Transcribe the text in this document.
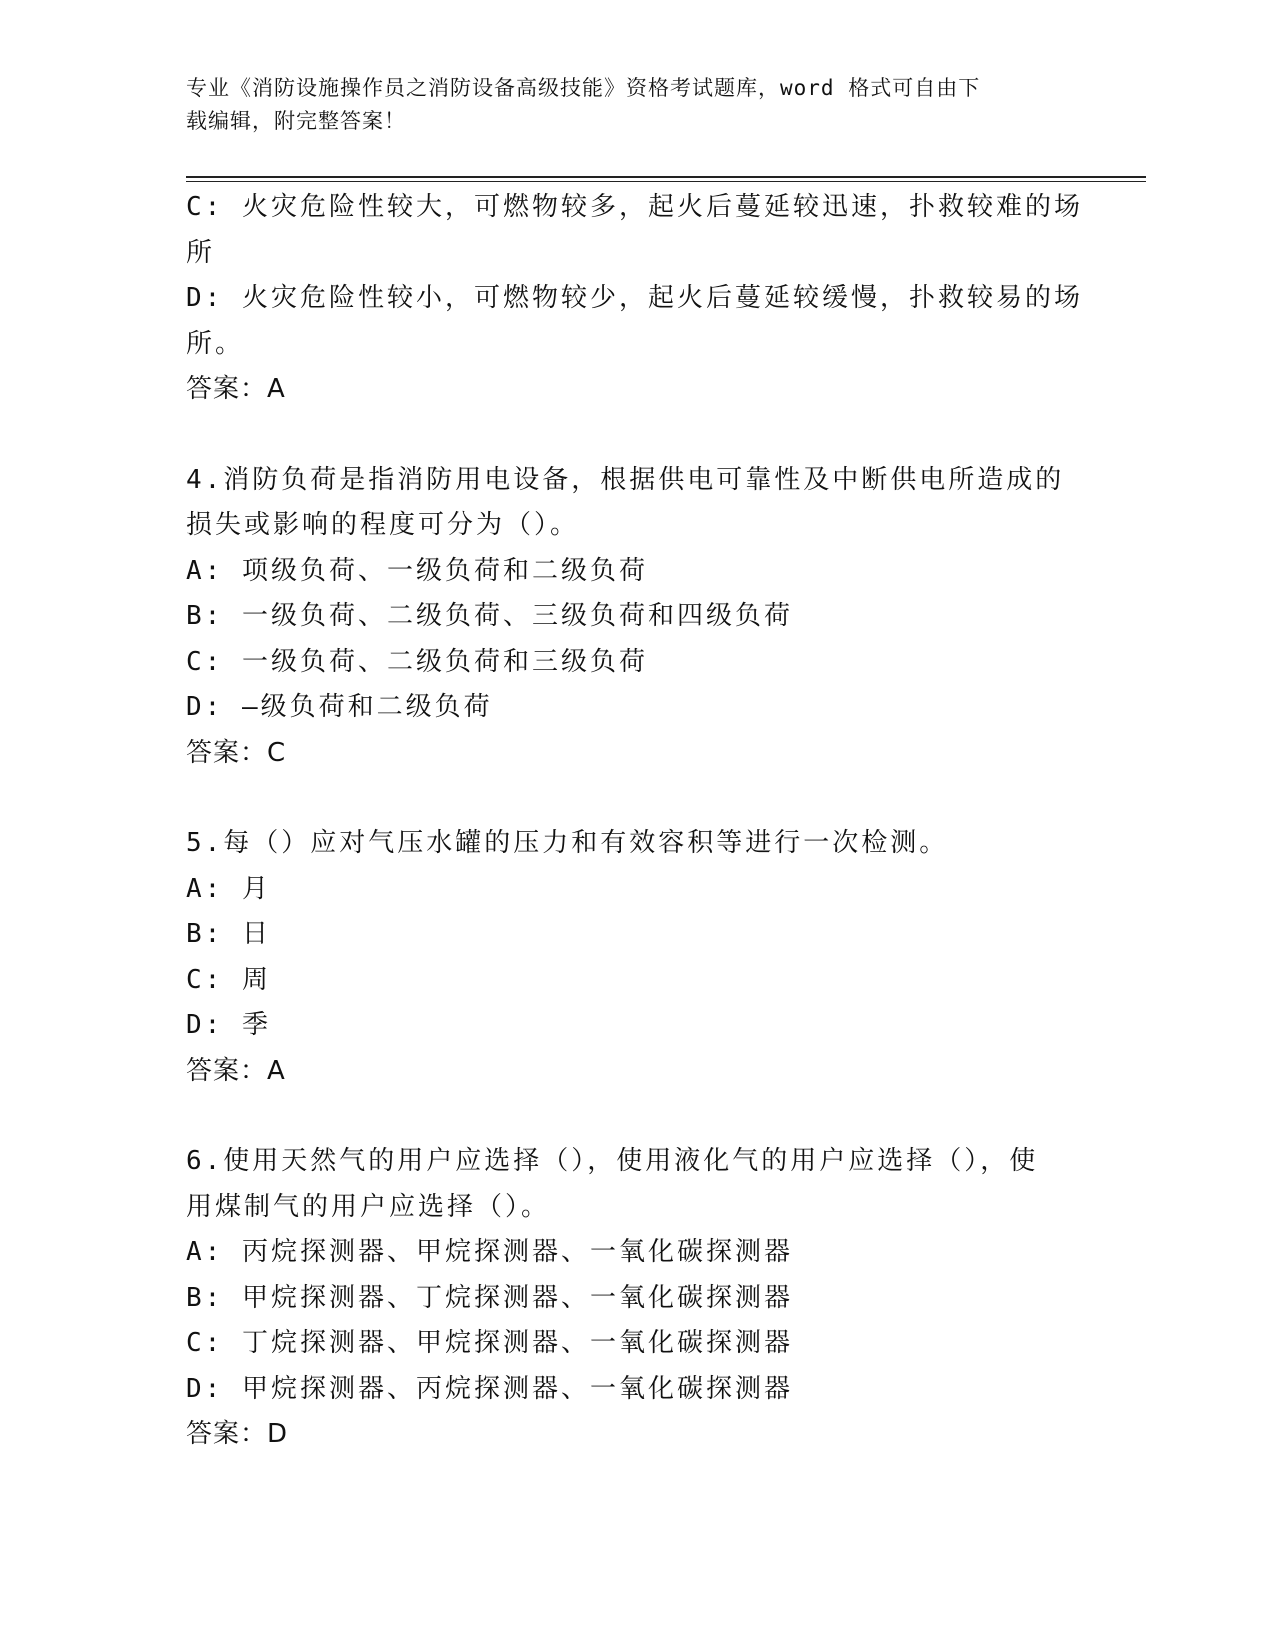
专业《消防设施操作员之消防设备高级技能》资格考试题库，word 格式可自由下
载编辑，附完整答案！
C: 火灾危险性较大，可燃物较多，起火后蔓延较迅速，扑救较难的场
所
D: 火灾危险性较小，可燃物较少，起火后蔓延较缓慢，扑救较易的场
所。
答案：A
4.消防负荷是指消防用电设备，根据供电可靠性及中断供电所造成的
损失或影响的程度可分为（）。
A: 项级负荷、一级负荷和二级负荷
B: 一级负荷、二级负荷、三级负荷和四级负荷
C: 一级负荷、二级负荷和三级负荷
D: —级负荷和二级负荷
答案：C
5.每（）应对气压水罐的压力和有效容积等进行一次检测。
A: 月
B: 日
C: 周
D: 季
答案：A
6.使用天然气的用户应选择（），使用液化气的用户应选择（），使
用煤制气的用户应选择（）。
A: 丙烷探测器、甲烷探测器、一氧化碳探测器
B: 甲烷探测器、丁烷探测器、一氧化碳探测器
C: 丁烷探测器、甲烷探测器、一氧化碳探测器
D: 甲烷探测器、丙烷探测器、一氧化碳探测器
答案：D
